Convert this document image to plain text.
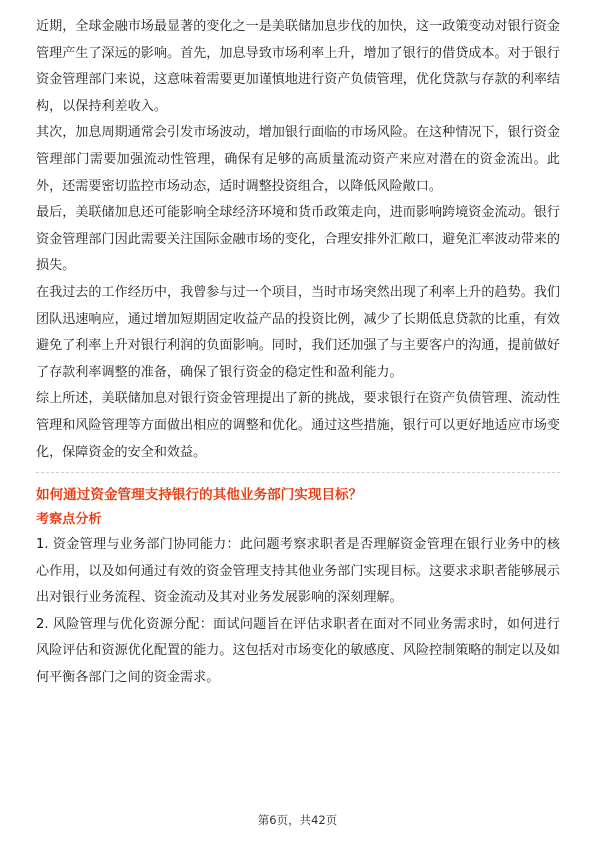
近期，全球金融市场最显著的变化之一是美联储加息步伐的加快，这一政策变动对银行资金管理产生了深远的影响。首先，加息导致市场利率上升，增加了银行的借贷成本。对于银行资金管理部门来说，这意味着需要更加谨慎地进行资产负债管理，优化贷款与存款的利率结构，以保持利差收入。

其次，加息周期通常会引发市场波动，增加银行面临的市场风险。在这种情况下，银行资金管理部门需要加强流动性管理，确保有足够的高质量流动资产来应对潜在的资金流出。此外，还需要密切监控市场动态，适时调整投资组合，以降低风险敞口。

最后，美联储加息还可能影响全球经济环境和货币政策走向，进而影响跨境资金流动。银行资金管理部门因此需要关注国际金融市场的变化，合理安排外汇敞口，避免汇率波动带来的损失。

在我过去的工作经历中，我曾参与过一个项目，当时市场突然出现了利率上升的趋势。我们团队迅速响应，通过增加短期固定收益产品的投资比例，减少了长期低息贷款的比重，有效避免了利率上升对银行利润的负面影响。同时，我们还加强了与主要客户的沟通，提前做好了存款利率调整的准备，确保了银行资金的稳定性和盈利能力。

综上所述，美联储加息对银行资金管理提出了新的挑战，要求银行在资产负债管理、流动性管理和风险管理等方面做出相应的调整和优化。通过这些措施，银行可以更好地适应市场变化，保障资金的安全和效益。

如何通过资金管理支持银行的其他业务部门实现目标？

考察点分析

1. 资金管理与业务部门协同能力：此问题考察求职者是否理解资金管理在银行业务中的核心作用，以及如何通过有效的资金管理支持其他业务部门实现目标。这要求求职者能够展示出对银行业务流程、资金流动及其对业务发展影响的深刻理解。

2. 风险管理与优化资源分配：面试问题旨在评估求职者在面对不同业务需求时，如何进行风险评估和资源优化配置的能力。这包括对市场变化的敏感度、风险控制策略的制定以及如何平衡各部门之间的资金需求。

第6页，共42页
